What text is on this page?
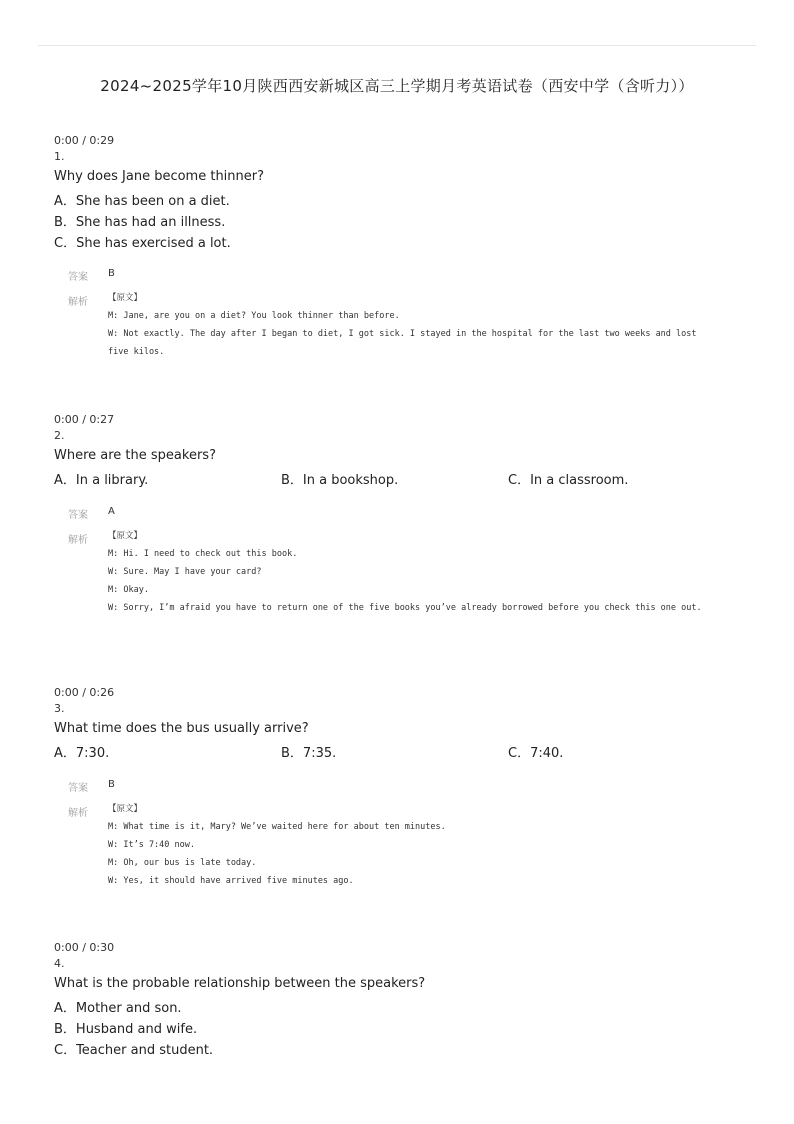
2024~2025学年10月陕西西安新城区高三上学期月考英语试卷（西安中学（含听力））
0:00 / 0:29
1.
Why does Jane become thinner?
A．She has been on a diet.
B．She has had an illness.
C．She has exercised a lot.
答案 B
解析 【原文】
M: Jane, are you on a diet? You look thinner than before.
W: Not exactly. The day after I began to diet, I got sick. I stayed in the hospital for the last two weeks and lost five kilos.
0:00 / 0:27
2.
Where are the speakers?
A．In a library.	B．In a bookshop.	C．In a classroom.
答案 A
解析 【原文】
M: Hi. I need to check out this book.
W: Sure. May I have your card?
M: Okay.
W: Sorry, I’m afraid you have to return one of the five books you’ve already borrowed before you check this one out.
0:00 / 0:26
3.
What time does the bus usually arrive?
A．7:30.	B．7:35.	C．7:40.
答案 B
解析 【原文】
M: What time is it, Mary? We’ve waited here for about ten minutes.
W: It’s 7:40 now.
M: Oh, our bus is late today.
W: Yes, it should have arrived five minutes ago.
0:00 / 0:30
4.
What is the probable relationship between the speakers?
A．Mother and son.
B．Husband and wife.
C．Teacher and student.
